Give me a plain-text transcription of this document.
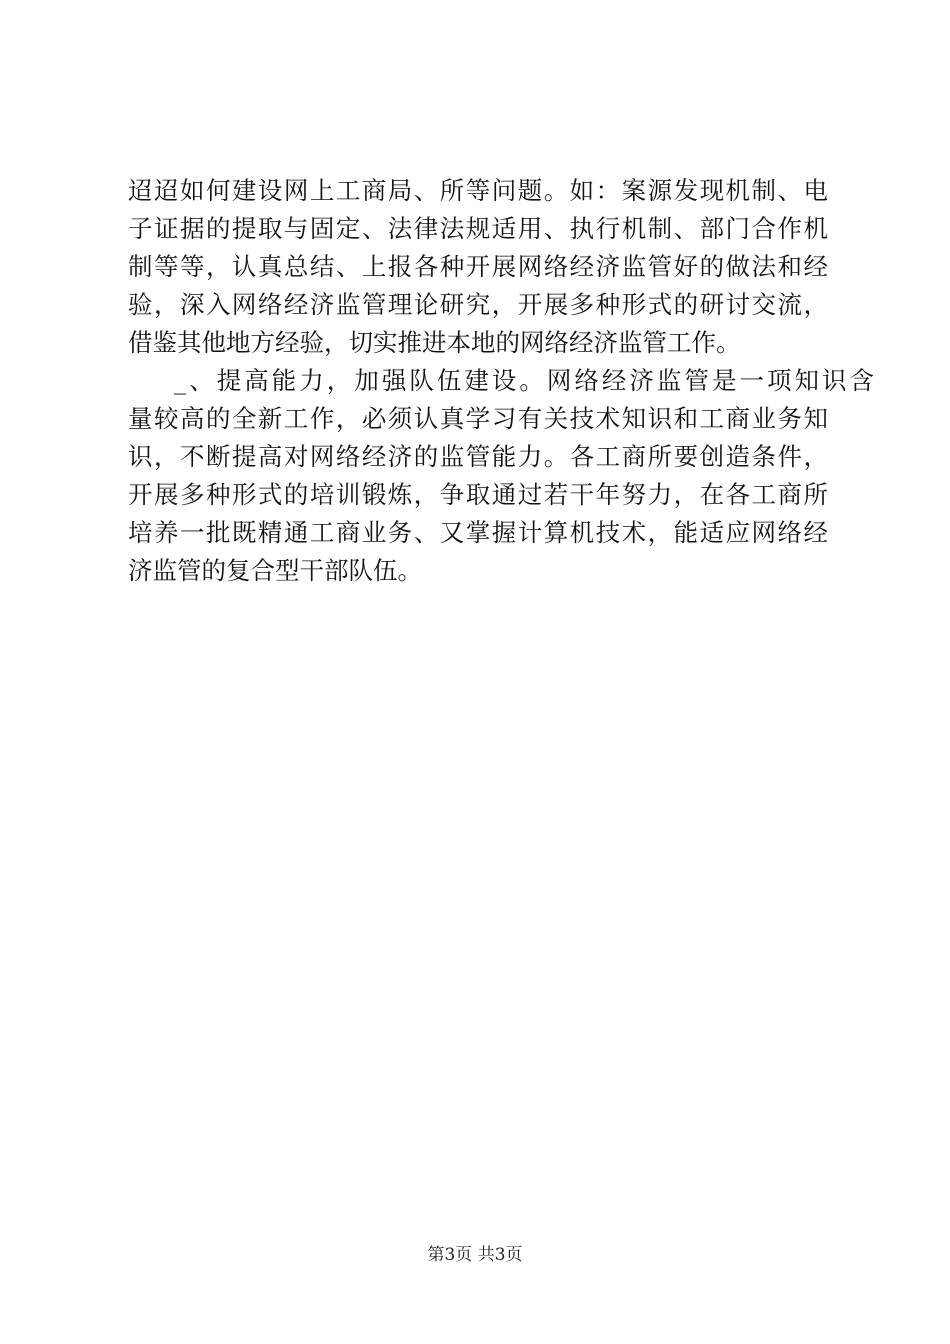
迢迢如何建设网上工商局、所等问题。如：案源发现机制、电
子证据的提取与固定、法律法规适用、执行机制、部门合作机
制等等，认真总结、上报各种开展网络经济监管好的做法和经
验，深入网络经济监管理论研究，开展多种形式的研讨交流，
借鉴其他地方经验，切实推进本地的网络经济监管工作。
_、提高能力，加强队伍建设。网络经济监管是一项知识含
量较高的全新工作，必须认真学习有关技术知识和工商业务知
识，不断提高对网络经济的监管能力。各工商所要创造条件，
开展多种形式的培训锻炼，争取通过若干年努力，在各工商所
培养一批既精通工商业务、又掌握计算机技术，能适应网络经
济监管的复合型干部队伍。
第3页 共3页
